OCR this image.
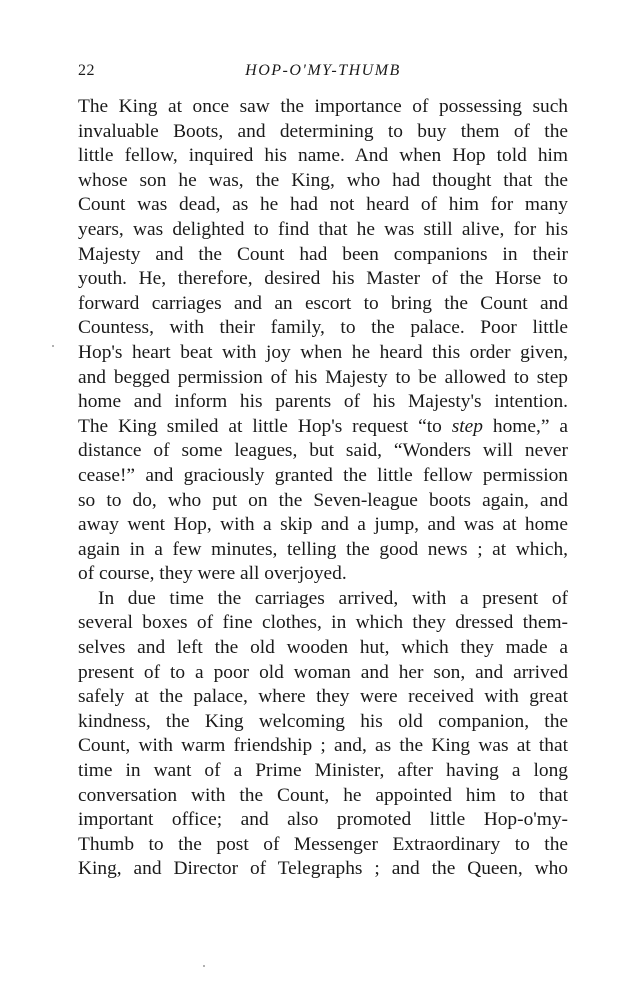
22	HOP-O'MY-THUMB
The King at once saw the importance of possessing such
invaluable Boots, and determining to buy them of the
little fellow, inquired his name. And when Hop told him
whose son he was, the King, who had thought that the
Count was dead, as he had not heard of him for many
years, was delighted to find that he was still alive, for his
Majesty and the Count had been companions in their
youth. He, therefore, desired his Master of the Horse to
forward carriages and an escort to bring the Count and
Countess, with their family, to the palace. Poor little
Hop's heart beat with joy when he heard this order given,
and begged permission of his Majesty to be allowed to step
home and inform his parents of his Majesty's intention.
The King smiled at little Hop's request “to step home,” a
distance of some leagues, but said, “Wonders will never
cease!” and graciously granted the little fellow permission
so to do, who put on the Seven-league boots again, and
away went Hop, with a skip and a jump, and was at home
again in a few minutes, telling the good news ; at which,
of course, they were all overjoyed.
In due time the carriages arrived, with a present of
several boxes of fine clothes, in which they dressed them-
selves and left the old wooden hut, which they made a
present of to a poor old woman and her son, and arrived
safely at the palace, where they were received with great
kindness, the King welcoming his old companion, the
Count, with warm friendship ; and, as the King was at that
time in want of a Prime Minister, after having a long
conversation with the Count, he appointed him to that
important office; and also promoted little Hop-o'my-
Thumb to the post of Messenger Extraordinary to the
King, and Director of Telegraphs ; and the Queen, who
